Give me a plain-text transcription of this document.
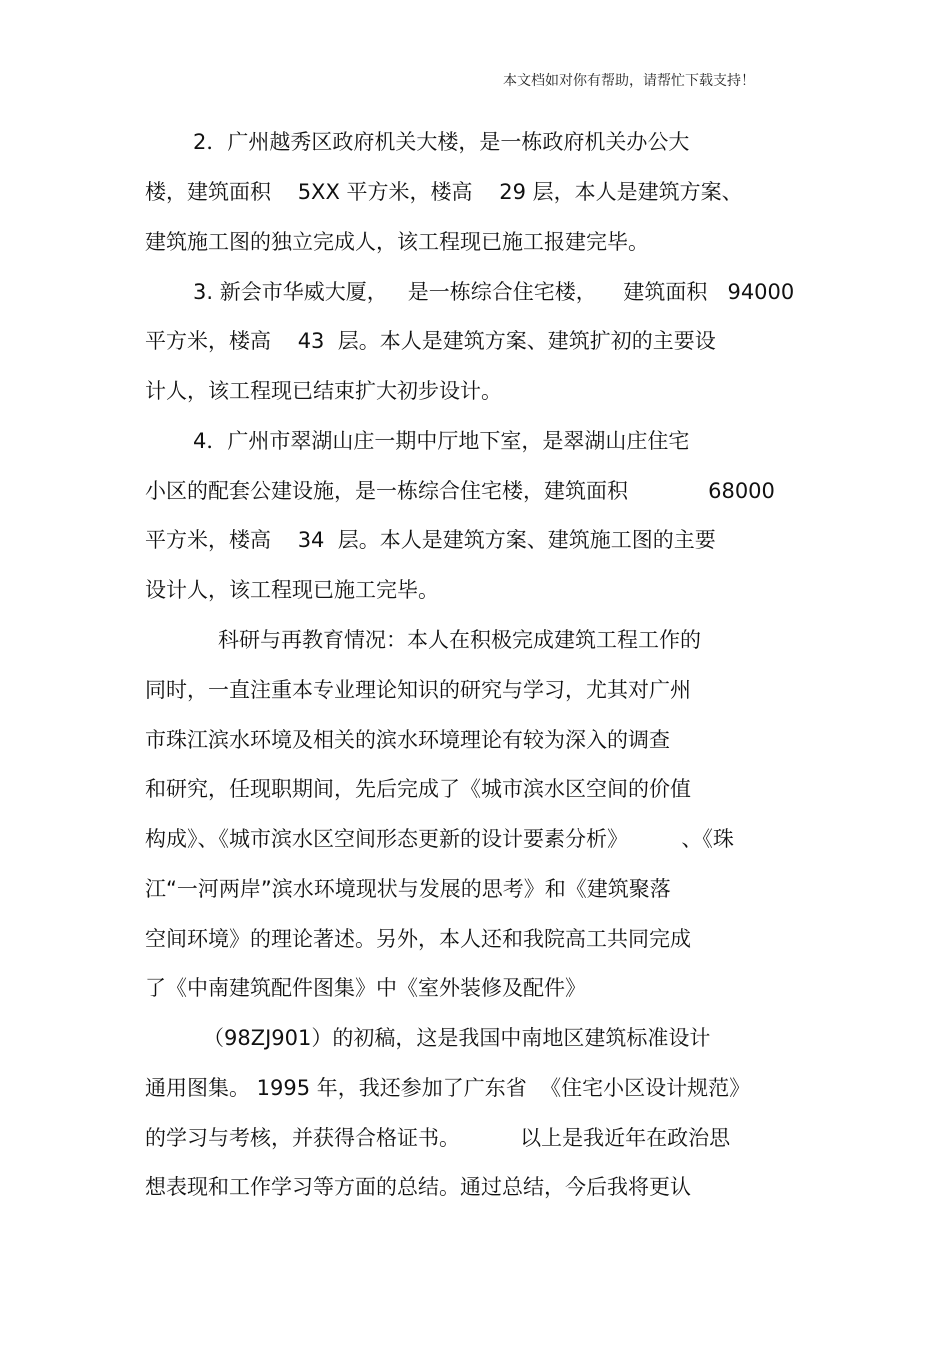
本文档如对你有帮助，请帮忙下载支持！
2．广州越秀区政府机关大楼，是一栋政府机关办公大
楼，建筑面积    5XX 平方米，楼高    29 层，本人是建筑方案、
建筑施工图的独立完成人，该工程现已施工报建完毕。
3. 新会市华威大厦，   是一栋综合住宅楼，    建筑面积   94000
平方米，楼高    43  层。本人是建筑方案、建筑扩初的主要设
计人，该工程现已结束扩大初步设计。
4．广州市翠湖山庄一期中厅地下室，是翠湖山庄住宅
小区的配套公建设施，是一栋综合住宅楼，建筑面积            68000
平方米，楼高    34  层。本人是建筑方案、建筑施工图的主要
设计人，该工程现已施工完毕。
科研与再教育情况：本人在积极完成建筑工程工作的
同时，一直注重本专业理论知识的研究与学习，尤其对广州
市珠江滨水环境及相关的滨水环境理论有较为深入的调查
和研究，任现职期间，先后完成了《城市滨水区空间的价值
构成》、《城市滨水区空间形态更新的设计要素分析》        、《珠
江“一河两岸”滨水环境现状与发展的思考》和《建筑聚落
空间环境》的理论著述。另外，本人还和我院高工共同完成
了《中南建筑配件图集》中《室外装修及配件》
（98ZJ901）的初稿，这是我国中南地区建筑标准设计
通用图集。 1995 年，我还参加了广东省  《住宅小区设计规范》
的学习与考核，并获得合格证书。         以上是我近年在政治思
想表现和工作学习等方面的总结。通过总结，今后我将更认
